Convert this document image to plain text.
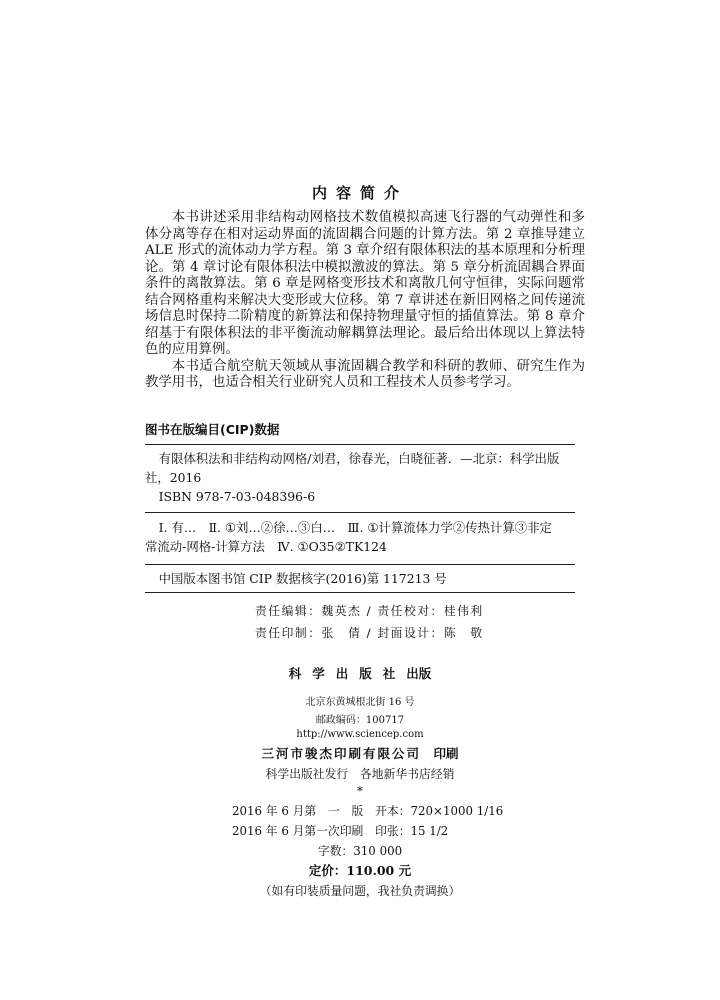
内容简介

本书讲述采用非结构动网格技术数值模拟高速飞行器的气动弹性和多体分离等存在相对运动界面的流固耦合问题的计算方法。第 2 章推导建立ALE 形式的流体动力学方程。第 3 章介绍有限体积法的基本原理和分析理论。第 4 章讨论有限体积法中模拟激波的算法。第 5 章分析流固耦合界面条件的离散算法。第 6 章是网格变形技术和离散几何守恒律，实际问题常结合网格重构来解决大变形或大位移。第 7 章讲述在新旧网格之间传递流场信息时保持二阶精度的新算法和保持物理量守恒的插值算法。第 8 章介绍基于有限体积法的非平衡流动解耦算法理论。最后给出体现以上算法特色的应用算例。

本书适合航空航天领域从事流固耦合教学和科研的教师、研究生作为教学用书，也适合相关行业研究人员和工程技术人员参考学习。

图书在版编目(CIP)数据

有限体积法和非结构动网格/刘君，徐春光，白晓征著．—北京：科学出版社，2016

ISBN 978-7-03-048396-6

Ⅰ. 有…　Ⅱ. ①刘…②徐…③白…　Ⅲ. ①计算流体力学②传热计算③非定

常流动-网格-计算方法　Ⅳ. ①O35②TK124

中国版本图书馆 CIP 数据核字(2016)第 117213 号

责任编辑：魏英杰 / 责任校对：桂伟利
责任印制：张　倩 / 封面设计：陈　敬
科学出版社出版
北京东黄城根北街 16 号
邮政编码：100717
http://www.sciencep.com
三河市骏杰印刷有限公司　 印刷
科学出版社发行　各地新华书店经销
*
2016 年 6 月第　一　版　开本：720×1000 1/16
2016 年 6 月第一次印刷　印张：15 1/2
字数：310 000
定价：110.00 元
（如有印装质量问题，我社负责调换）
